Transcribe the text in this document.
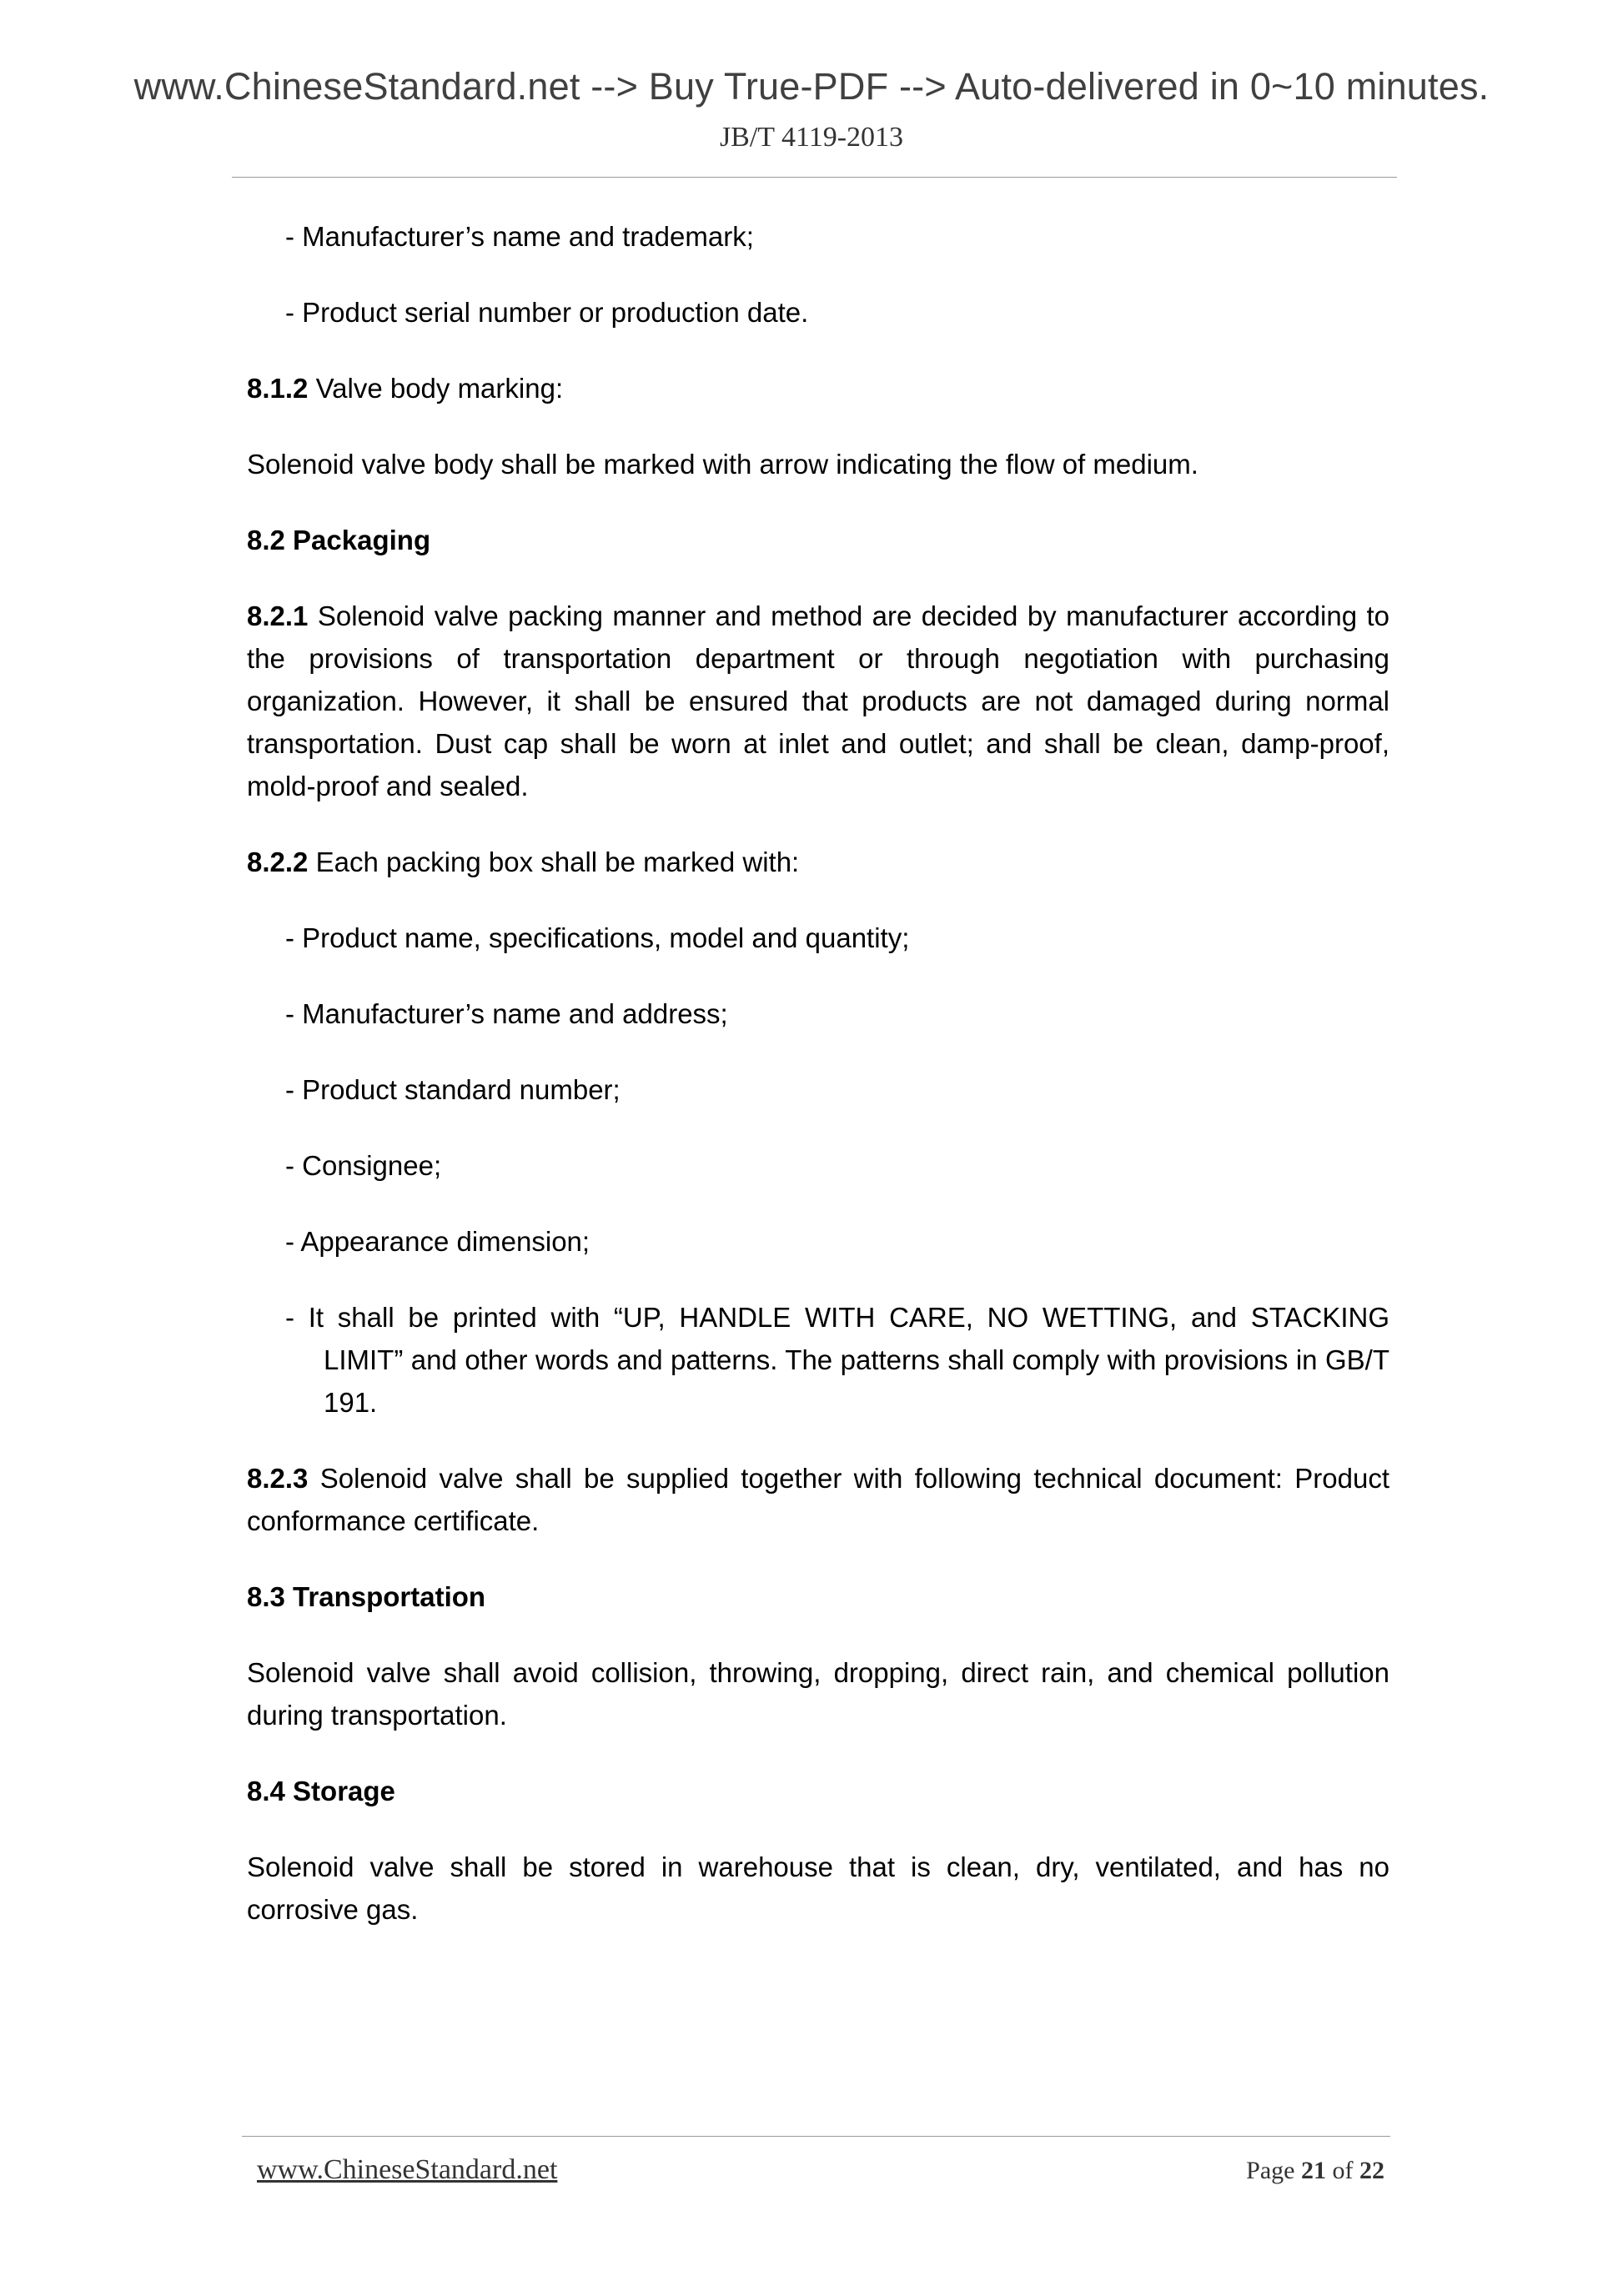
www.ChineseStandard.net --> Buy True-PDF --> Auto-delivered in 0~10 minutes.
JB/T 4119-2013

- Manufacturer’s name and trademark;

- Product serial number or production date.

8.1.2 Valve body marking:

Solenoid valve body shall be marked with arrow indicating the flow of medium.

8.2 Packaging

8.2.1 Solenoid valve packing manner and method are decided by manufacturer according to the provisions of transportation department or through negotiation with purchasing organization. However, it shall be ensured that products are not damaged during normal transportation. Dust cap shall be worn at inlet and outlet; and shall be clean, damp-proof, mold-proof and sealed.

8.2.2 Each packing box shall be marked with:

- Product name, specifications, model and quantity;

- Manufacturer’s name and address;

- Product standard number;

- Consignee;

- Appearance dimension;

- It shall be printed with “UP, HANDLE WITH CARE, NO WETTING, and STACKING LIMIT” and other words and patterns. The patterns shall comply with provisions in GB/T 191.

8.2.3 Solenoid valve shall be supplied together with following technical document: Product conformance certificate.

8.3 Transportation

Solenoid valve shall avoid collision, throwing, dropping, direct rain, and chemical pollution during transportation.

8.4 Storage

Solenoid valve shall be stored in warehouse that is clean, dry, ventilated, and has no corrosive gas.

www.ChineseStandard.net	Page 21 of 22
